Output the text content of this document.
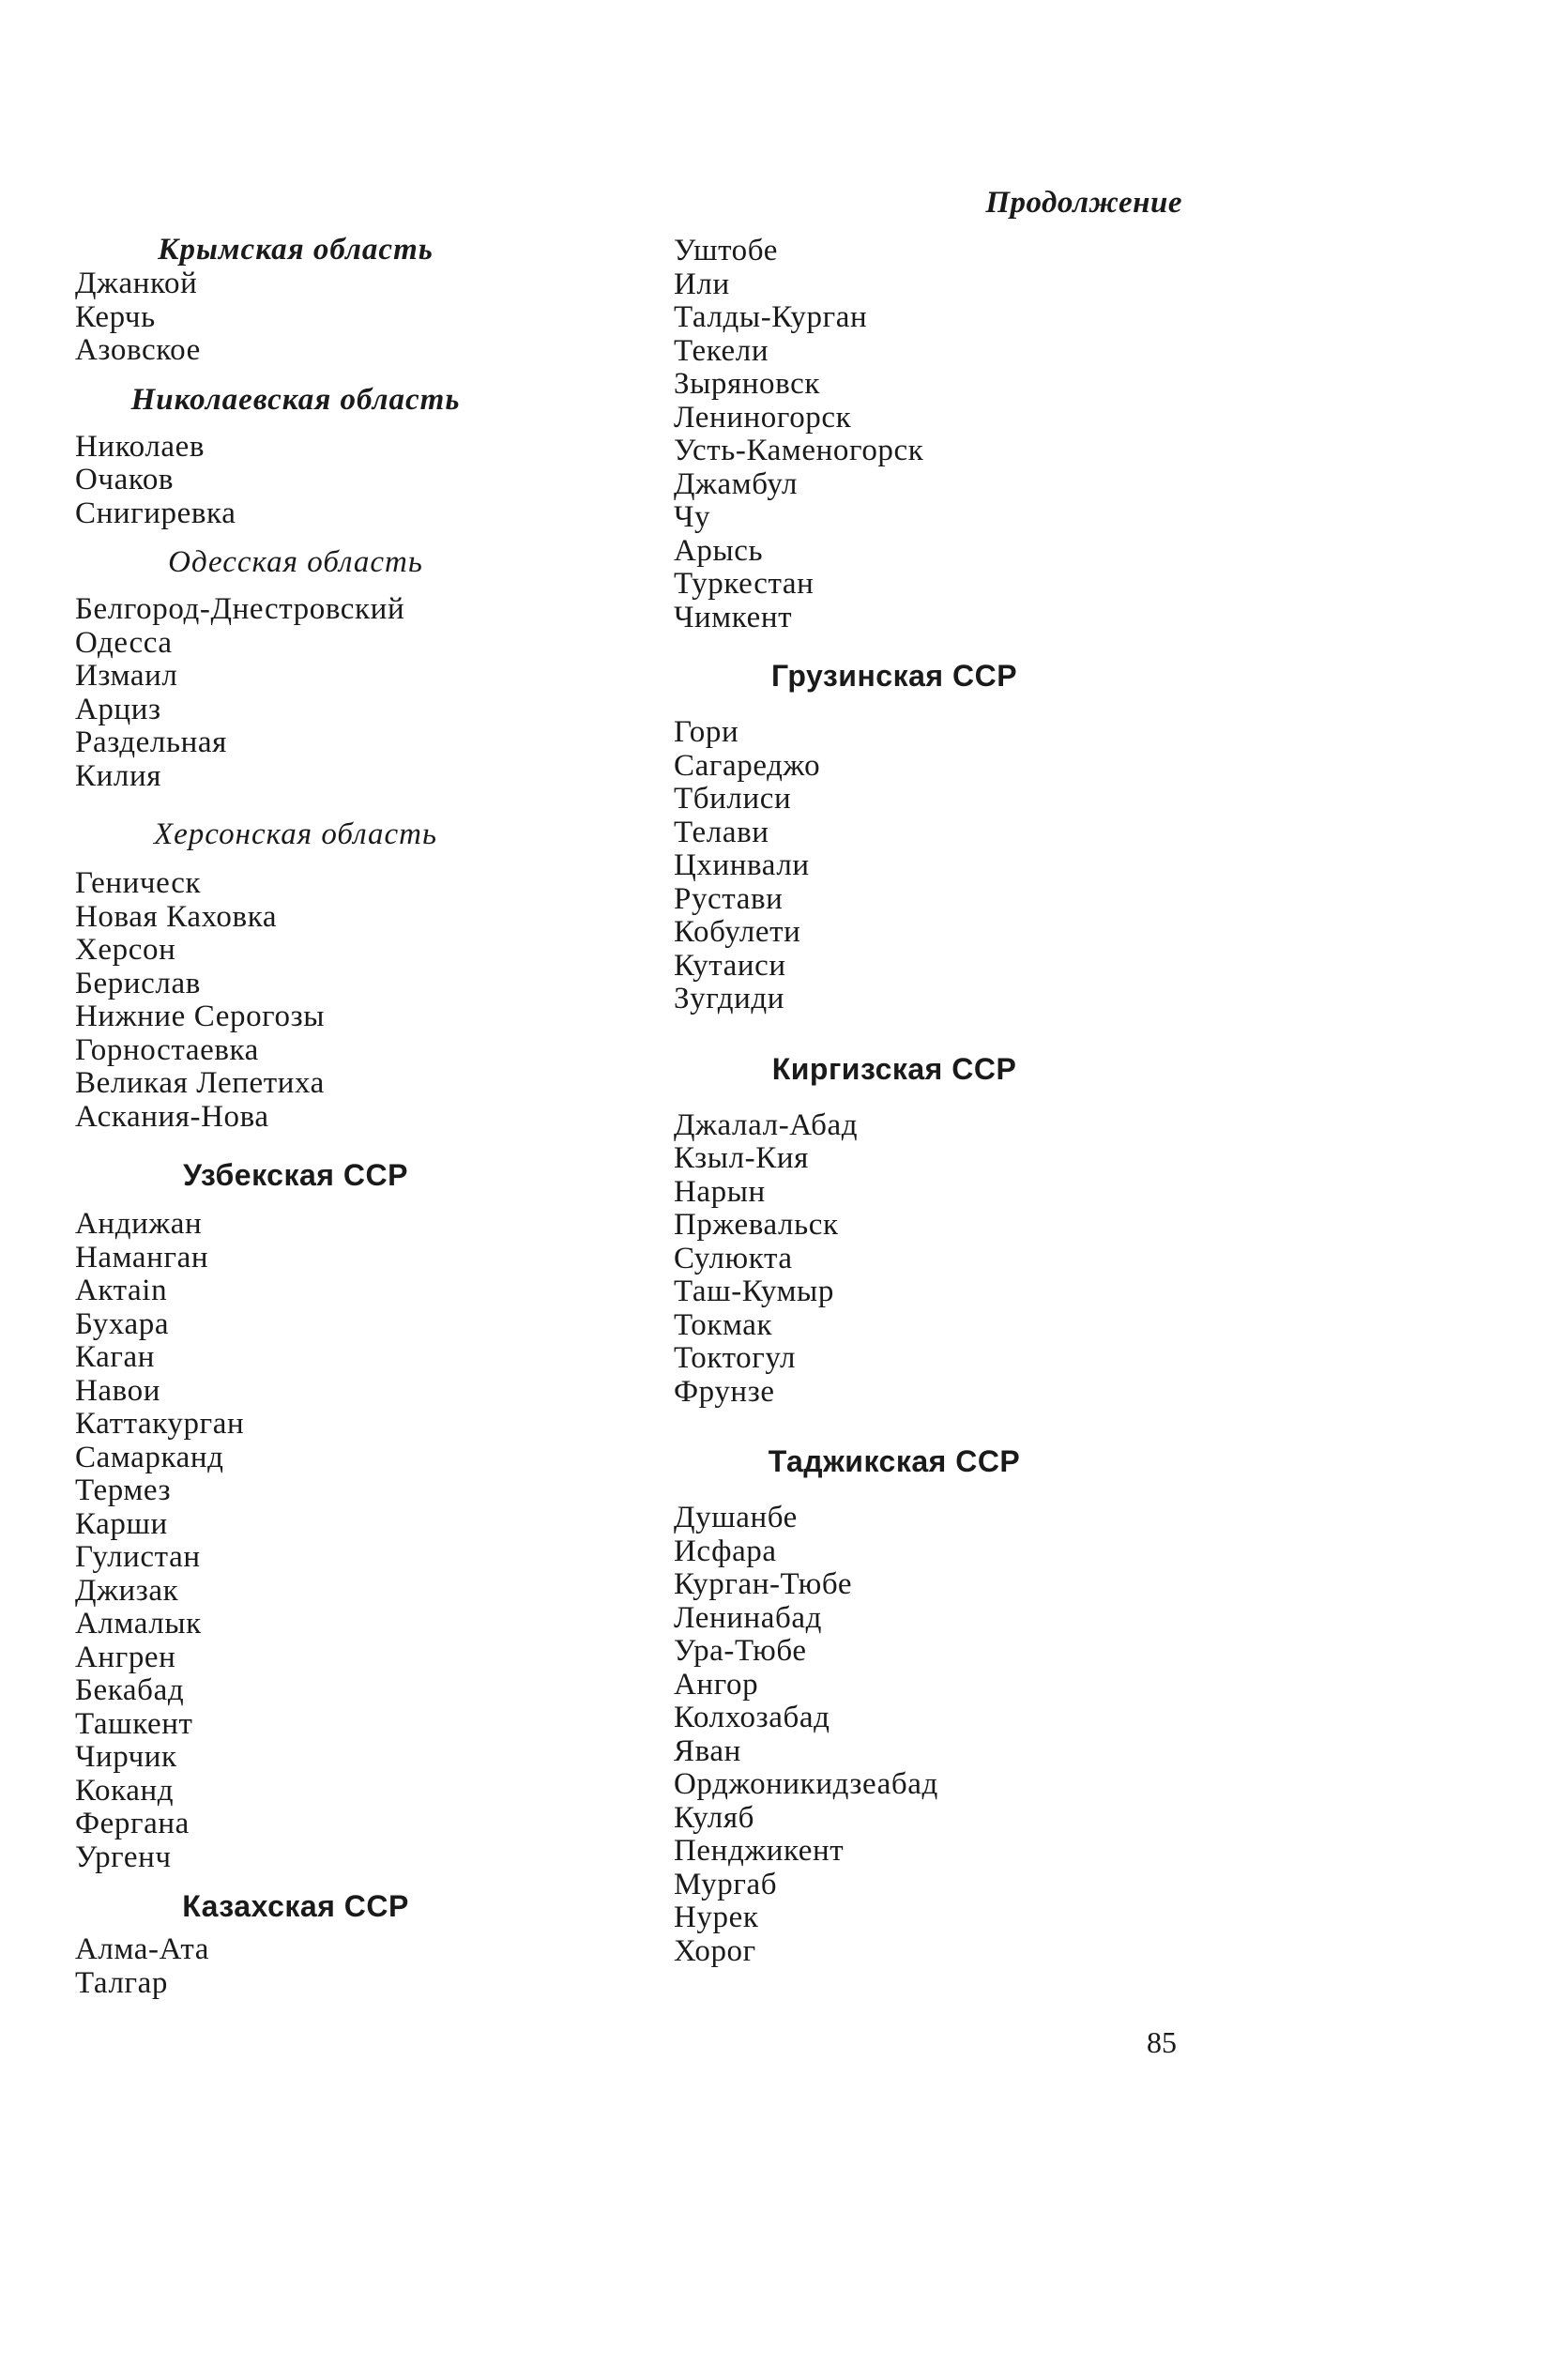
Продолжение
Крымская область
Джанкой
Керчь
Азовское
Николаевская область
Николаев
Очаков
Снигиревка
Одесская область
Белгород-Днестровский
Одесса
Измаил
Арциз
Раздельная
Килия
Херсонская область
Геническ
Новая Каховка
Херсон
Берислав
Нижние Серогозы
Горностаевка
Великая Лепетиха
Аскания-Нова
Узбекская ССР
Андижан
Наманган
Актаin
Бухара
Каган
Навои
Каттакурган
Самарканд
Термез
Карши
Гулистан
Джизак
Алмалык
Ангрен
Бекабад
Ташкент
Чирчик
Коканд
Фергана
Ургенч
Казахская ССР
Алма-Ата
Талгар
Уштобе
Или
Талды-Курган
Текели
Зыряновск
Лениногорск
Усть-Каменогорск
Джамбул
Чу
Арысь
Туркестан
Чимкент
Грузинская ССР
Гори
Сагареджо
Тбилиси
Телави
Цхинвали
Рустави
Кобулети
Кутаиси
Зугдиди
Киргизская ССР
Джалал-Абад
Кзыл-Кия
Нарын
Пржевальск
Сулюкта
Таш-Кумыр
Токмак
Токтогул
Фрунзе
Таджикская ССР
Душанбе
Исфара
Курган-Тюбе
Ленинабад
Ура-Тюбе
Ангор
Колхозабад
Яван
Орджоникидзеабад
Куляб
Пенджикент
Мургаб
Нурек
Хорог
85
